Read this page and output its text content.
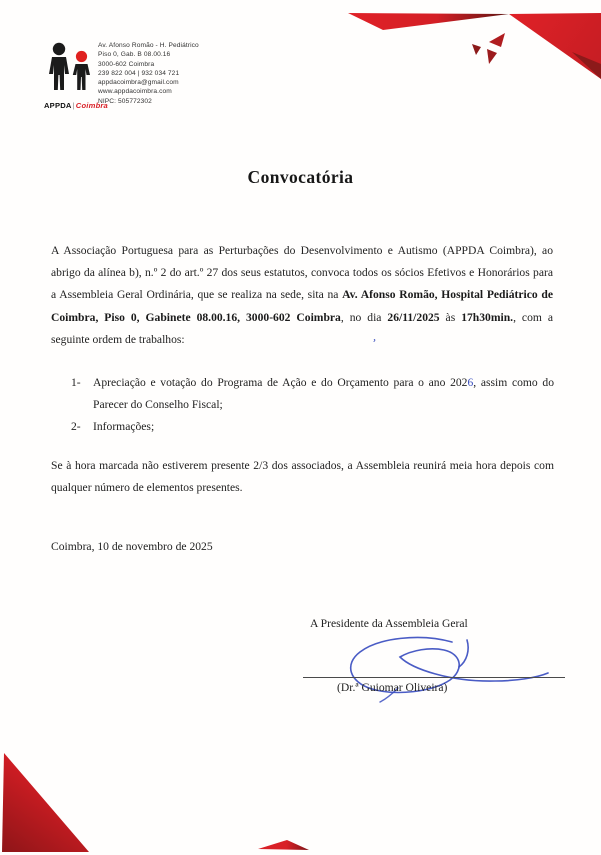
APPDA|Coimbra
Av. Afonso Romão - H. Pediátrico
Piso 0, Gab. B 08.00.16
3000-602 Coimbra
239 822 004 | 932 034 721
appdacoimbra@gmail.com
www.appdacoimbra.com
NIPC: 505772302
Convocatória
A Associação Portuguesa para as Perturbações do Desenvolvimento e Autismo (APPDA Coimbra), ao abrigo da alínea b), n.º 2 do art.º 27 dos seus estatutos, convoca todos os sócios Efetivos e Honorários para a Assembleia Geral Ordinária, que se realiza na sede, sita na Av. Afonso Romão, Hospital Pediátrico de Coimbra, Piso 0, Gabinete 08.00.16, 3000-602 Coimbra, no dia 26/11/2025 às 17h30min., com a seguinte ordem de trabalhos:	’
1- Apreciação e votação do Programa de Ação e do Orçamento para o ano 2026, assim como do Parecer do Conselho Fiscal;
2- Informações;
Se à hora marcada não estiverem presente 2/3 dos associados, a Assembleia reunirá meia hora depois com qualquer número de elementos presentes.
Coimbra, 10 de novembro de 2025
A Presidente da Assembleia Geral
(Dr.ª Guiomar Oliveira)
